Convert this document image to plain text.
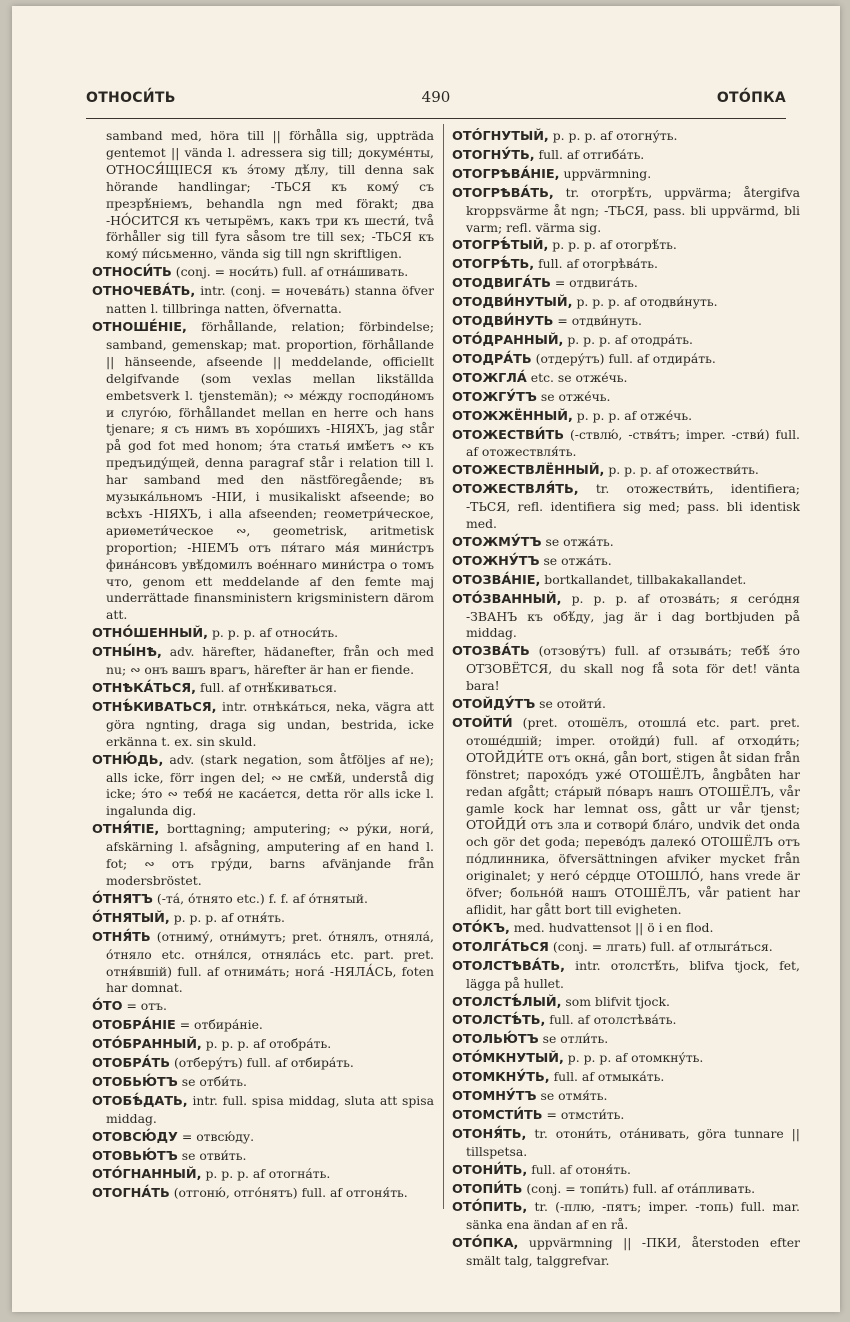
ОТНОСИ́ТЬ	490	ОТО́ПКА

samband med, höra till || förhålla sig, uppträda gentemot || vända l. adressera sig till; докуме́нты, ОТНОСЯ́ЩІЕСЯ къ э́тому дѣ́лу, till denna sak hörande handlingar; -ТЬСЯ къ кому́ съ презрѣ́ніемъ, behandla ngn med förakt; два -НО́СИТСЯ къ четырёмъ, какъ три къ шести́, två förhåller sig till fyra såsom tre till sex; -ТЬСЯ къ кому́ пи́сьменно, vända sig till ngn skriftligen.

ОТНОСИ́ТЬ (conj. = носи́ть) full. af отна́шивать.

ОТНОЧЕВА́ТЬ, intr. (conj. = ночева́ть) stanna öfver natten l. tillbringa natten, öfvernatta.

ОТНОШЕ́НІЕ, förhållande, relation; förbindelse; samband, gemenskap; mat. proportion, förhållande || hänseende, afseende || meddelande, officiellt delgifvande (som vexlas mellan likställda embetsverk l. tjenstemän); ∾ ме́жду господи́номъ и слугóю, förhållandet mellan en herre och hans tjenare; я съ нимъ въ хоро́шихъ -НІЯХЪ, jag står på god fot med honom; э́та статья́ имѣ́етъ ∾ къ предъиду́щей, denna paragraf står i relation till l. har samband med den nästföregående; въ музыка́льномъ -НІИ, i musikaliskt afseende; во всѣхъ -НІЯХЪ, i alla afseenden; геометри́ческое, ариѳмети́ческое ∾, geometrisk, aritmetisk proportion; -НІЕМЪ отъ пя́таго ма́я мини́стръ фина́нсовъ увѣ́домилъ вое́ннаго мини́стра о томъ что, genom ett meddelande af den femte maj underrättade finansministern krigsministern därom att.

ОТНО́ШЕННЫЙ, p. p. p. af относи́ть.

ОТНЫ́НѢ, adv. härefter, hädanefter, från och med nu; ∾ онъ вашъ врагъ, härefter är han er fiende.

ОТНѢКА́ТЬСЯ, full. af отнѣ́киваться.

ОТНѢ́КИВАТЬСЯ, intr. отнѣка́ться, neka, vägra att göra ngnting, draga sig undan, bestrida, icke erkänna t. ex. sin skuld.

ОТНЮ́ДЬ, adv. (stark negation, som åtföljes af не); alls icke, förr ingen del; ∾ не смѣ́й, understå dig icke; э́то ∾ тебя́ не каса́ется, detta rör alls icke l. ingalunda dig.

ОТНЯ́ТІЕ, borttagning; amputering; ∾ ру́ки, ноги́, afskärning l. afsågning, amputering af en hand l. fot; ∾ отъ гру́ди, barns afvänjande från modersbröstet.

О́ТНЯТЪ (-та́, о́тнято etc.) f. f. af о́тнятый.

О́ТНЯТЫЙ, p. p. p. af отня́ть.

ОТНЯ́ТЬ (отниму́, отни́мутъ; pret. о́тнялъ, отняла́, о́тняло etc. отня́лся, отняла́сь etc. part. pret. отня́вшій) full. af отнима́ть; нога́ -НЯЛА́СЬ, foten har domnat.

О́ТО = отъ.

ОТОБРА́НІЕ = отбира́ніе.

ОТО́БРАННЫЙ, p. p. p. af отобра́ть.

ОТОБРА́ТЬ (отберу́тъ) full. af отбира́ть.

ОТОБЬЮ́ТЪ se отби́ть.

ОТОБѢ́ДАТЬ, intr. full. spisa middag, sluta att spisa middag.

ОТОВСЮ́ДУ = отвсю́ду.

ОТОВЬЮ́ТЪ se отви́ть.

ОТО́ГНАННЫЙ, p. p. p. af отогна́ть.

ОТОГНА́ТЬ (отгоню́, отго́нятъ) full. af отгоня́ть.

ОТО́ГНУТЫЙ, p. p. p. af отогну́ть.

ОТОГНУ́ТЬ, full. af отгиба́ть.

ОТОГРѢВА́НІЕ, uppvärmning.

ОТОГРѢВА́ТЬ, tr. отогрѣ́ть, uppvärma; återgifva kroppsvärme åt ngn; -ТЬСЯ, pass. bli uppvärmd, bli varm; refl. värma sig.

ОТОГРѢ́ТЫЙ, p. p. p. af отогрѣ́ть.

ОТОГРѢ́ТЬ, full. af отогрѣва́ть.

ОТОДВИГА́ТЬ = отдвига́ть.

ОТОДВИ́НУТЫЙ, p. p. p. af отодви́нуть.

ОТОДВИ́НУТЬ = отдви́нуть.

ОТО́ДРАННЫЙ, p. p. p. af отодра́ть.

ОТОДРА́ТЬ (отдеру́тъ) full. af отдира́ть.

ОТОЖГЛА́ etc. se отже́чь.

ОТОЖГУ́ТЪ se отже́чь.

ОТОЖЖЁННЫЙ, p. p. p. af отже́чь.

ОТОЖЕСТВИ́ТЬ (-ствлю́, -ствя́тъ; imper. -стви́) full. af отожествля́ть.

ОТОЖЕСТВЛЁННЫЙ, p. p. p. af отожестви́ть.

ОТОЖЕСТВЛЯ́ТЬ, tr. отожестви́ть, identifiera; -ТЬСЯ, refl. identifiera sig med; pass. bli identisk med.

ОТОЖМУ́ТЪ se отжа́ть.

ОТОЖНУ́ТЪ se отжа́ть.

ОТОЗВА́НІЕ, bortkallandet, tillbakakallandet.

ОТО́ЗВАННЫЙ, p. p. p. af отозва́ть; я сего́дня -ЗВАНЪ къ обѣ́ду, jag är i dag bortbjuden på middag.

ОТОЗВА́ТЬ (отзову́тъ) full. af отзыва́ть; тебѣ́ э́то ОТЗОВЁТСЯ, du skall nog få sota för det! vänta bara!

ОТОЙДУ́ТЪ se отойти́.

ОТОЙТИ́ (pret. отошёлъ, отошла́ etc. part. pret. отоше́дшій; imper. отойди́) full. af отходи́ть; ОТОЙДИ́ТЕ отъ окна́, gån bort, stigen åt sidan från fönstret; парохо́дъ уже́ ОТОШЁЛЪ, ångbåten har redan afgått; ста́рый по́варъ нашъ ОТОШЁЛЪ, vår gamle kock har lemnat oss, gått ur vår tjenst; ОТОЙДИ́ отъ зла и сотвори́ бла́го, undvik det onda och gör det goda; перево́дъ далеко́ ОТОШЁЛЪ отъ по́длинника, öfversättningen afviker mycket från originalet; у него́ се́рдце ОТОШЛО́, hans vrede är öfver; больно́й нашъ ОТОШЁЛЪ, vår patient har aflidit, har gått bort till evigheten.

ОТО́КЪ, med. hudvattensot || ö i en flod.

ОТОЛГА́ТЬСЯ (conj. = лгать) full. af отлыга́ться.

ОТОЛСТѢВА́ТЬ, intr. отолстѣ́ть, blifva tjock, fet, lägga på hullet.

ОТОЛСТѢ́ЛЫЙ, som blifvit tjock.

ОТОЛСТѢ́ТЬ, full. af отолстѣва́ть.

ОТОЛЬЮ́ТЪ se отли́ть.

ОТО́МКНУТЫЙ, p. p. p. af отомкну́ть.

ОТОМКНУ́ТЬ, full. af отмыка́ть.

ОТОМНУ́ТЪ se отмя́ть.

ОТОМСТИ́ТЬ = отмсти́ть.

ОТОНЯ́ТЬ, tr. отони́ть, ота́нивать, göra tunnare || tillspetsa.

ОТОНИ́ТЬ, full. af отоня́ть.

ОТОПИ́ТЬ (conj. = топи́ть) full. af ота́пливать.

ОТО́ПИТЬ, tr. (-плю, -пятъ; imper. -топь) full. mar. sänka ena ändan af en rå.

ОТО́ПКА, uppvärmning || -ПКИ, återstoden efter smält talg, talggrefvar.
